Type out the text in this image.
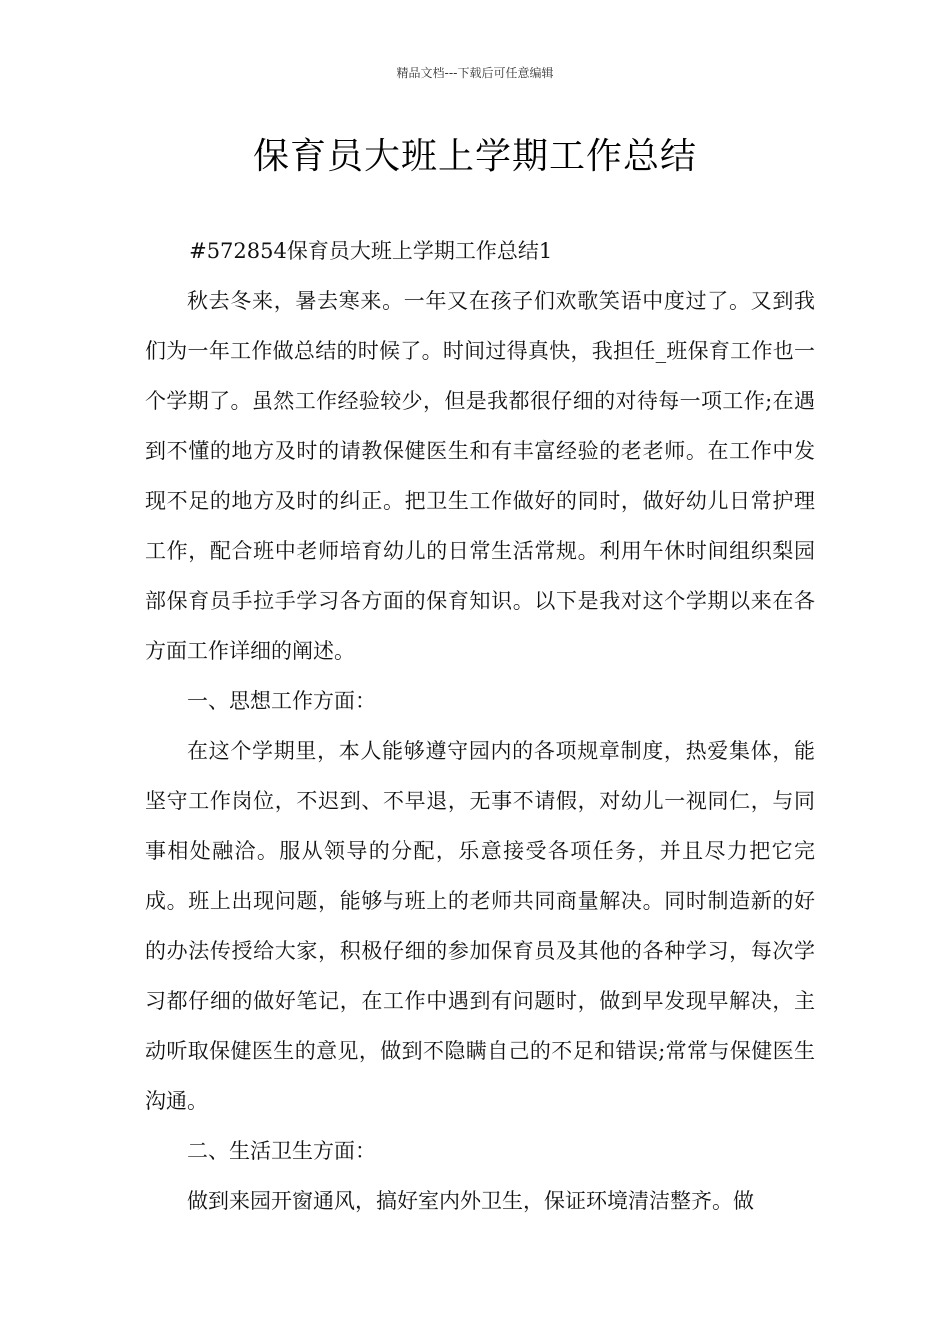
精品文档---下载后可任意编辑
保育员大班上学期工作总结

#572854保育员大班上学期工作总结1

秋去冬来，暑去寒来。一年又在孩子们欢歌笑语中度过了。又到我们为一年工作做总结的时候了。时间过得真快，我担任_班保育工作也一个学期了。虽然工作经验较少，但是我都很仔细的对待每一项工作;在遇到不懂的地方及时的请教保健医生和有丰富经验的老老师。在工作中发现不足的地方及时的纠正。把卫生工作做好的同时，做好幼儿日常护理工作，配合班中老师培育幼儿的日常生活常规。利用午休时间组织梨园部保育员手拉手学习各方面的保育知识。以下是我对这个学期以来在各方面工作详细的阐述。

一、思想工作方面：

在这个学期里，本人能够遵守园内的各项规章制度，热爱集体，能坚守工作岗位，不迟到、不早退，无事不请假，对幼儿一视同仁，与同事相处融洽。服从领导的分配，乐意接受各项任务，并且尽力把它完成。班上出现问题，能够与班上的老师共同商量解决。同时制造新的好的办法传授给大家，积极仔细的参加保育员及其他的各种学习，每次学习都仔细的做好笔记，在工作中遇到有问题时，做到早发现早解决，主动听取保健医生的意见，做到不隐瞒自己的不足和错误;常常与保健医生沟通。

二、生活卫生方面：

做到来园开窗通风，搞好室内外卫生，保证环境清洁整齐。做
